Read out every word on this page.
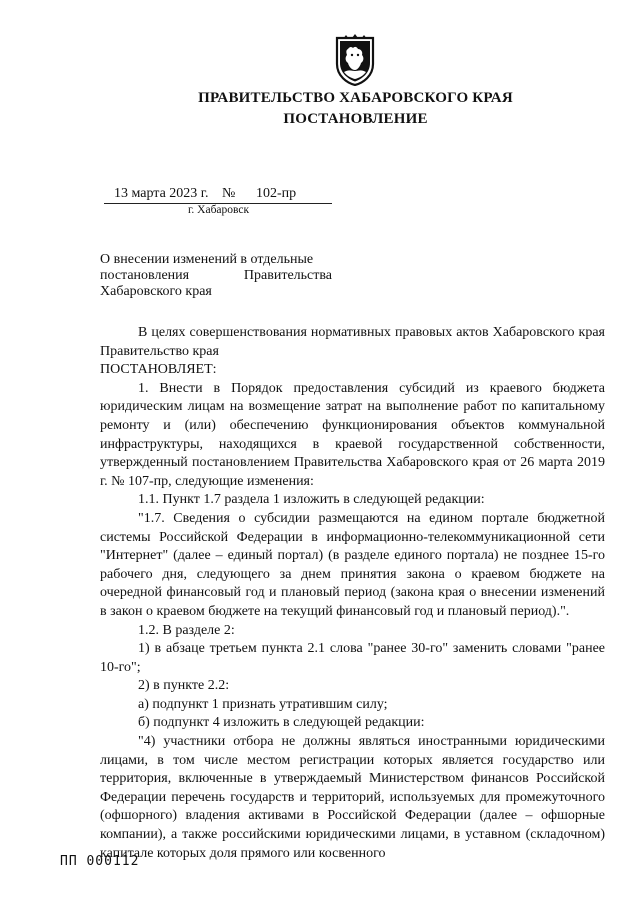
ПРАВИТЕЛЬСТВО ХАБАРОВСКОГО КРАЯ
ПОСТАНОВЛЕНИЕ
13 марта 2023 г. № 102-пр
г. Хабаровск
О внесении изменений в отдельные
постановления Правительства
Хабаровского края

В целях совершенствования нормативных правовых актов Хабаровского края Правительство края

ПОСТАНОВЛЯЕТ:

1. Внести в Порядок предоставления субсидий из краевого бюджета юридическим лицам на возмещение затрат на выполнение работ по капитальному ремонту и (или) обеспечению функционирования объектов коммунальной инфраструктуры, находящихся в краевой государственной собственности, утвержденный постановлением Правительства Хабаровского края от 26 марта 2019 г. № 107-пр, следующие изменения:

1.1. Пункт 1.7 раздела 1 изложить в следующей редакции:

"1.7. Сведения о субсидии размещаются на едином портале бюджетной системы Российской Федерации в информационно-телекоммуникационной сети "Интернет" (далее – единый портал) (в разделе единого портала) не позднее 15-го рабочего дня, следующего за днем принятия закона о краевом бюджете на очередной финансовый год и плановый период (закона края о внесении изменений в закон о краевом бюджете на текущий финансовый год и плановый период).".

1.2. В разделе 2:

1) в абзаце третьем пункта 2.1 слова "ранее 30-го" заменить словами "ранее 10-го";

2) в пункте 2.2:

а) подпункт 1 признать утратившим силу;

б) подпункт 4 изложить в следующей редакции:

"4) участники отбора не должны являться иностранными юридическими лицами, в том числе местом регистрации которых является государство или территория, включенные в утверждаемый Министерством финансов Российской Федерации перечень государств и территорий, используемых для промежуточного (офшорного) владения активами в Российской Федерации (далее – офшорные компании), а также российскими юридическими лицами, в уставном (складочном) капитале которых доля прямого или косвенного

ПП 000112
